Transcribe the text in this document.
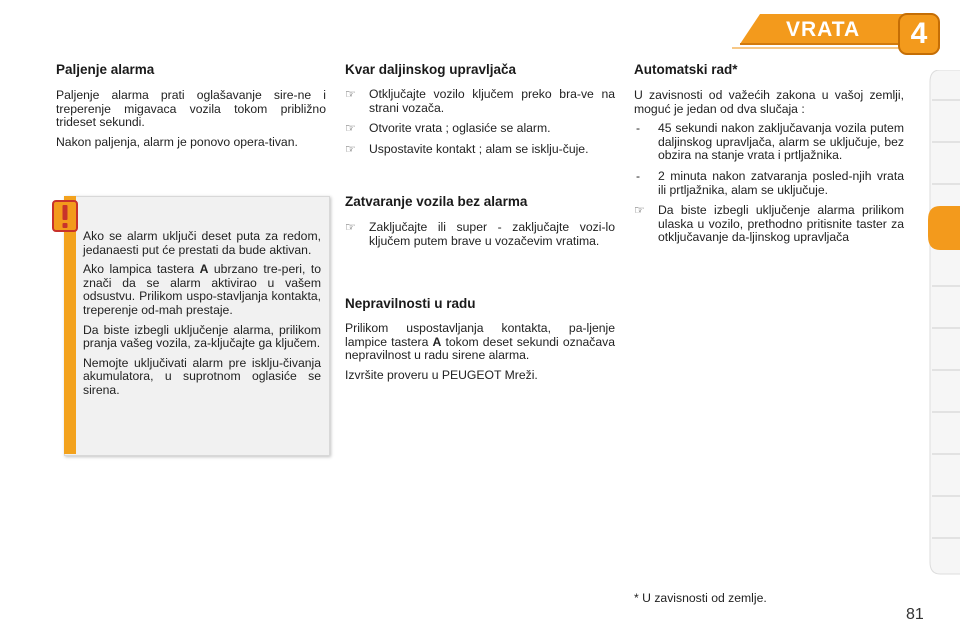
VRATA	4
Paljenje alarma

Paljenje alarma prati oglašavanje sire-ne i treperenje migavaca vozila tokom približno trideset sekundi.

Nakon paljenja, alarm je ponovo opera-tivan.

Ako se alarm uključi deset puta za redom, jedanaesti put će prestati da bude aktivan.

Ako lampica tastera A ubrzano tre-peri, to znači da se alarm aktivirao u vašem odsustvu. Prilikom uspo-stavljanja kontakta, treperenje od-mah prestaje.

Da biste izbegli uključenje alarma, prilikom pranja vašeg vozila, za-ključajte ga ključem.

Nemojte uključivati alarm pre isklju-čivanja akumulatora, u suprotnom oglasiće se sirena.

Kvar daljinskog upravljača
☞ Otključajte vozilo ključem preko bra-ve na strani vozača.
☞ Otvorite vrata ; oglasiće se alarm.
☞ Uspostavite kontakt ; alam se isklju-čuje.
Zatvaranje vozila bez alarma
☞ Zaključajte ili super - zaključajte vozi-lo ključem putem brave u vozačevim vratima.
Nepravilnosti u radu

Prilikom uspostavljanja kontakta, pa-ljenje lampice tastera A tokom deset sekundi označava nepravilnost u radu sirene alarma.

Izvršite proveru u PEUGEOT Mreži.

Automatski rad*

U zavisnosti od važećih zakona u vašoj zemlji, moguć je jedan od dva slučaja :

- 45 sekundi nakon zaključavanja vozila putem daljinskog upravljača, alarm se uključuje, bez obzira na stanje vrata i prtljažnika.
- 2 minuta nakon zatvaranja posled-njih vrata ili prtljažnika, alam se uključuje.
☞ Da biste izbegli uključenje alarma prilikom ulaska u vozilo, prethodno pritisnite taster za otključavanje da-ljinskog upravljača
* U zavisnosti od zemlje.
81
